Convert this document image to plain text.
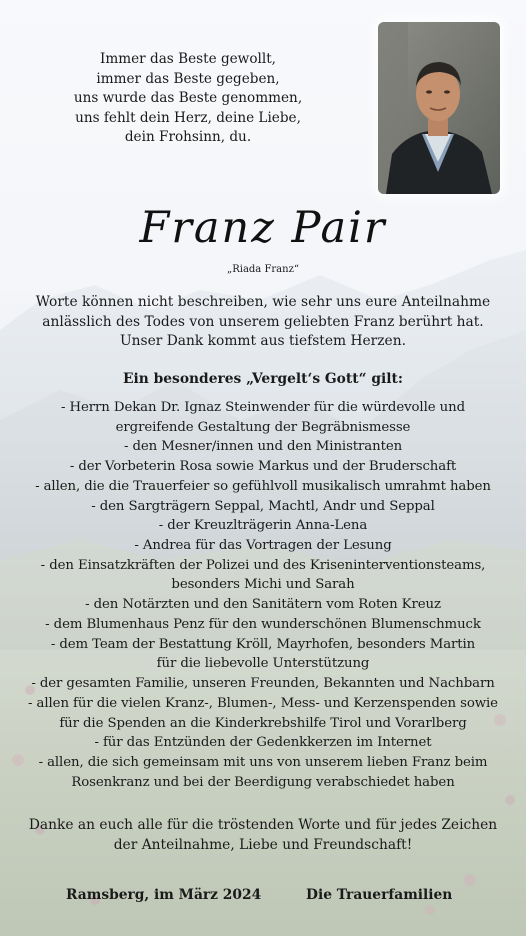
Immer das Beste gewollt,
immer das Beste gegeben,
uns wurde das Beste genommen,
uns fehlt dein Herz, deine Liebe,
dein Frohsinn, du.
Franz Pair
„Riada Franz“
Worte können nicht beschreiben, wie sehr uns eure Anteilnahme
anlässlich des Todes von unserem geliebten Franz berührt hat.
Unser Dank kommt aus tiefstem Herzen.
Ein besonderes „Vergelt‘s Gott“ gilt:
- Herrn Dekan Dr. Ignaz Steinwender für die würdevolle und
ergreifende Gestaltung der Begräbnismesse
- den Mesner/innen und den Ministranten
- der Vorbeterin Rosa sowie Markus und der Bruderschaft
- allen, die die Trauerfeier so gefühlvoll musikalisch umrahmt haben
- den Sargträgern Seppal, Machtl, Andr und Seppal
- der Kreuzlträgerin Anna-Lena
- Andrea für das Vortragen der Lesung
- den Einsatzkräften der Polizei und des Kriseninterventionsteams,
besonders Michi und Sarah
- den Notärzten und den Sanitätern vom Roten Kreuz
- dem Blumenhaus Penz für den wunderschönen Blumenschmuck
- dem Team der Bestattung Kröll, Mayrhofen, besonders Martin
für die liebevolle Unterstützung
- der gesamten Familie, unseren Freunden, Bekannten und Nachbarn
- allen für die vielen Kranz-, Blumen-, Mess- und Kerzenspenden sowie
für die Spenden an die Kinderkrebshilfe Tirol und Vorarlberg
- für das Entzünden der Gedenkkerzen im Internet
- allen, die sich gemeinsam mit uns von unserem lieben Franz beim
Rosenkranz und bei der Beerdigung verabschiedet haben
Danke an euch alle für die tröstenden Worte und für jedes Zeichen
der Anteilnahme, Liebe und Freundschaft!
Ramsberg, im März 2024	Die Trauerfamilien
